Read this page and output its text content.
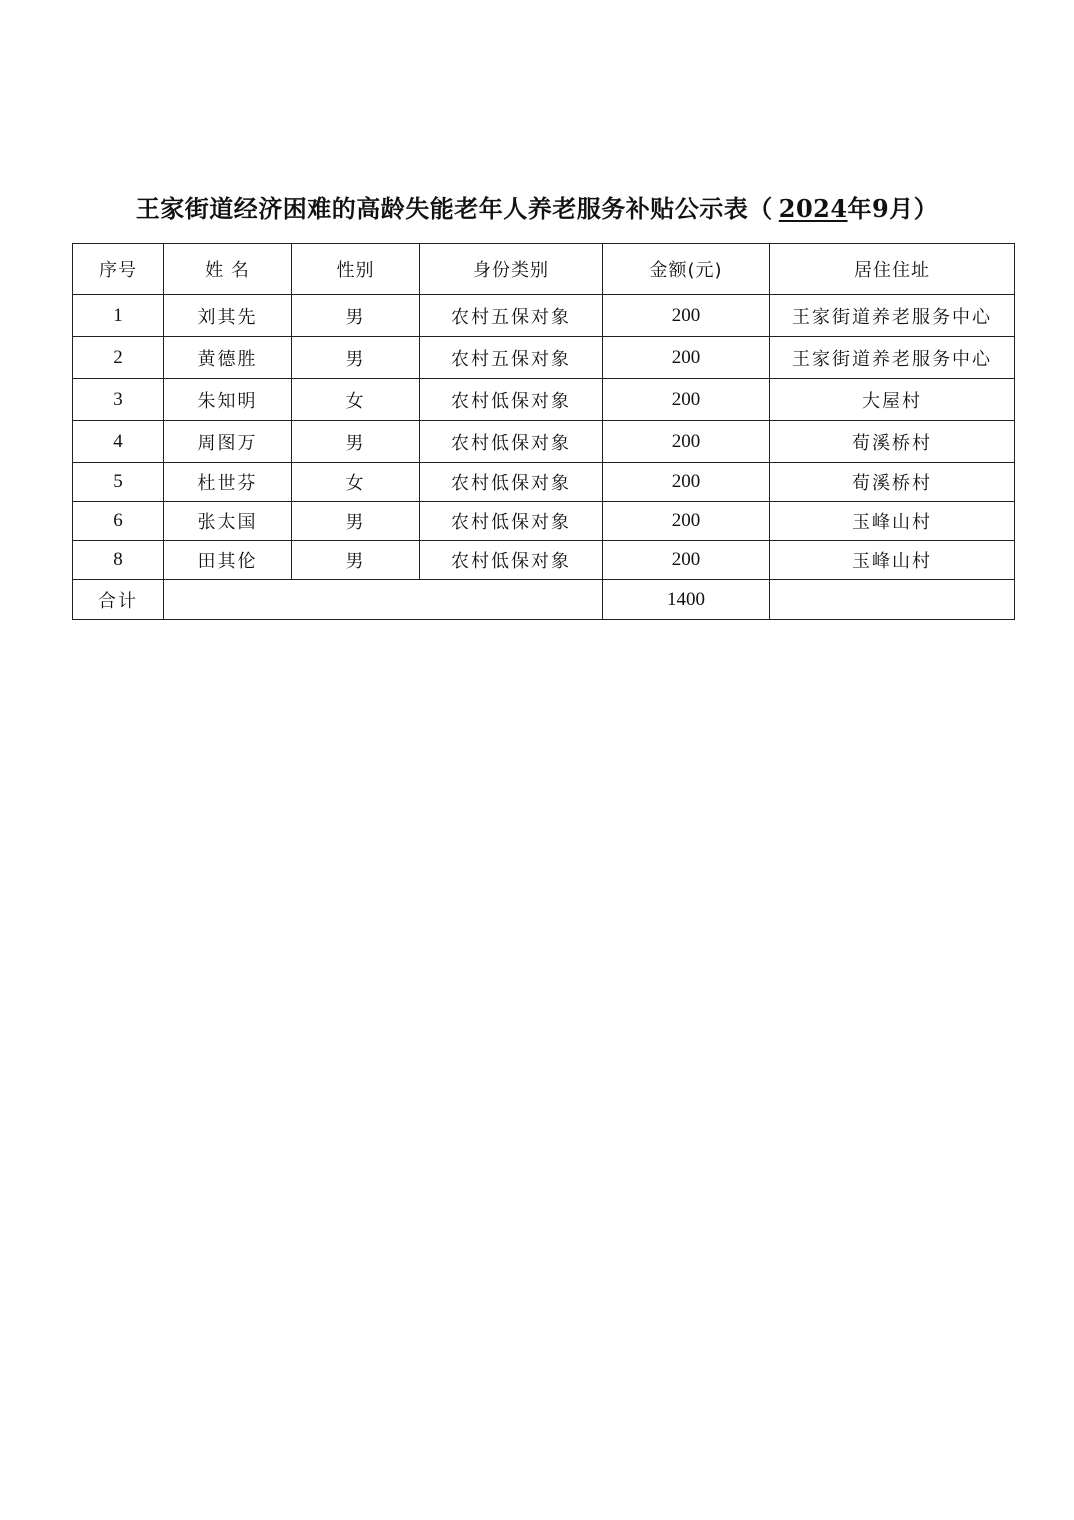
王家街道经济困难的高龄失能老年人养老服务补贴公示表（ 2024年9月）
序号	姓 名	性别	身份类别	金额(元)	居住住址
1	刘其先	男	农村五保对象	200	王家街道养老服务中心
2	黄德胜	男	农村五保对象	200	王家街道养老服务中心
3	朱知明	女	农村低保对象	200	大屋村
4	周图万	男	农村低保对象	200	荀溪桥村
5	杜世芬	女	农村低保对象	200	荀溪桥村
6	张太国	男	农村低保对象	200	玉峰山村
8	田其伦	男	农村低保对象	200	玉峰山村
合计				1400	
